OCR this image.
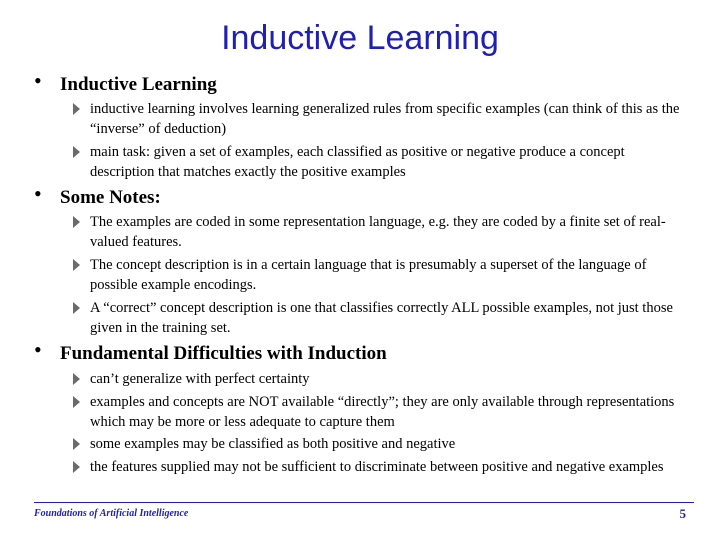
Inductive Learning
• Inductive Learning
inductive learning involves learning generalized rules from specific examples (can think of this as the “inverse” of deduction)
main task: given a set of examples, each classified as positive or negative produce a concept description that matches exactly the positive examples
• Some Notes:
The examples are coded in some representation language, e.g. they are coded by a finite set of real-valued features.
The concept description is in a certain language that is presumably a superset of the language of possible example encodings.
A “correct” concept description is one that classifies correctly ALL possible examples, not just those given in the training set.
• Fundamental Difficulties with Induction
can’t generalize with perfect certainty
examples and concepts are NOT available “directly”; they are only available through representations which may be more or less adequate to capture them
some examples may be classified as both positive and negative
the features supplied may not be sufficient to discriminate between positive and negative examples
Foundations of Artificial Intelligence	5
